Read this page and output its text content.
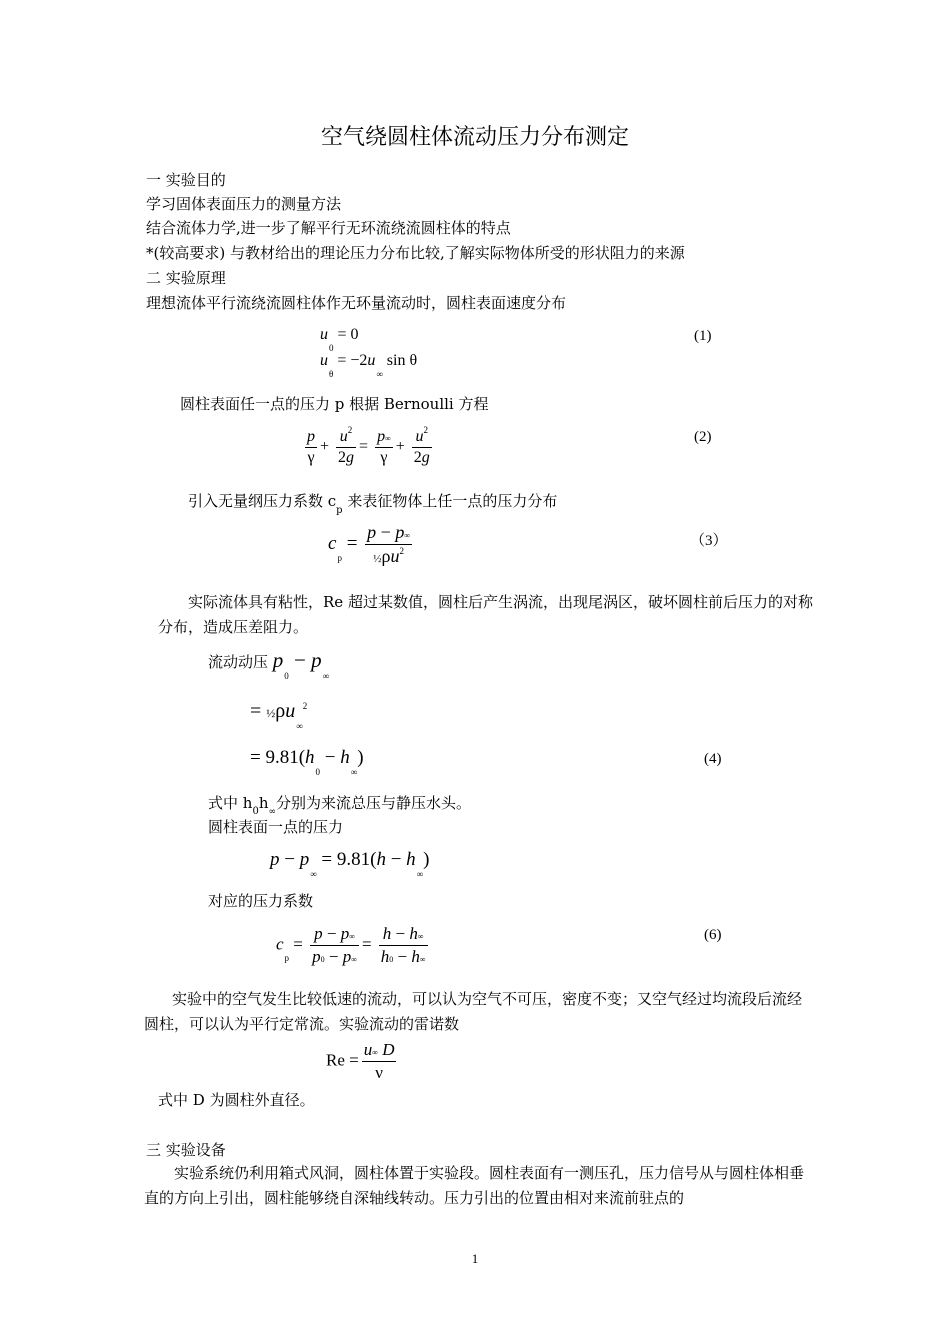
空气绕圆柱体流动压力分布测定
一 实验目的
学习固体表面压力的测量方法
结合流体力学,进一步了解平行无环流绕流圆柱体的特点
*(较高要求) 与教材给出的理论压力分布比较,了解实际物体所受的形状阻力的来源
二 实验原理
理想流体平行流绕流圆柱体作无环量流动时，圆柱表面速度分布
$u_0 = 0$
$u_\theta = -2u_\infty$ sin θ
(1)
圆柱表面任一点的压力 p 根据 Bernoulli 方程
$\frac{p}{\gamma} + \frac{u^2}{2g} = \frac{p\infty}{\gamma} + \frac{u^2}{2g}$	(2)
引入无量纲压力系数 $c_p$ 来表征物体上任一点的压力分布
$c_p = \frac{p - p\infty}{\frac{1}{2}\rho u^2}$	（3）
实际流体具有粘性，Re 超过某数值，圆柱后产生涡流，出现尾涡区，破坏圆柱前后压力的对称分布，造成压差阻力。
流动动压 $p_0 - p_\infty$
= $\frac{1}{2}\rho u_\infty^2$
= $9.81(h_0 - h_\infty)$	(4)
式中 $h_0h_\infty$分别为来流总压与静压水头。
圆柱表面一点的压力
$p - p_\infty = 9.81(h - h_\infty)$
对应的压力系数
$c_p = \frac{p - p\infty}{p0 - p\infty} = \frac{h - h\infty}{h0 - h\infty}$	(6)
实验中的空气发生比较低速的流动，可以认为空气不可压，密度不变；又空气经过均流段后流经圆柱，可以认为平行定常流。实验流动的雷诺数
$Re = \frac{u\infty D}{\nu}$
式中 D 为圆柱外直径。
三 实验设备
实验系统仍利用箱式风洞，圆柱体置于实验段。圆柱表面有一测压孔，压力信号从与圆柱体相垂直的方向上引出，圆柱能够绕自深轴线转动。压力引出的位置由相对来流前驻点的
1
